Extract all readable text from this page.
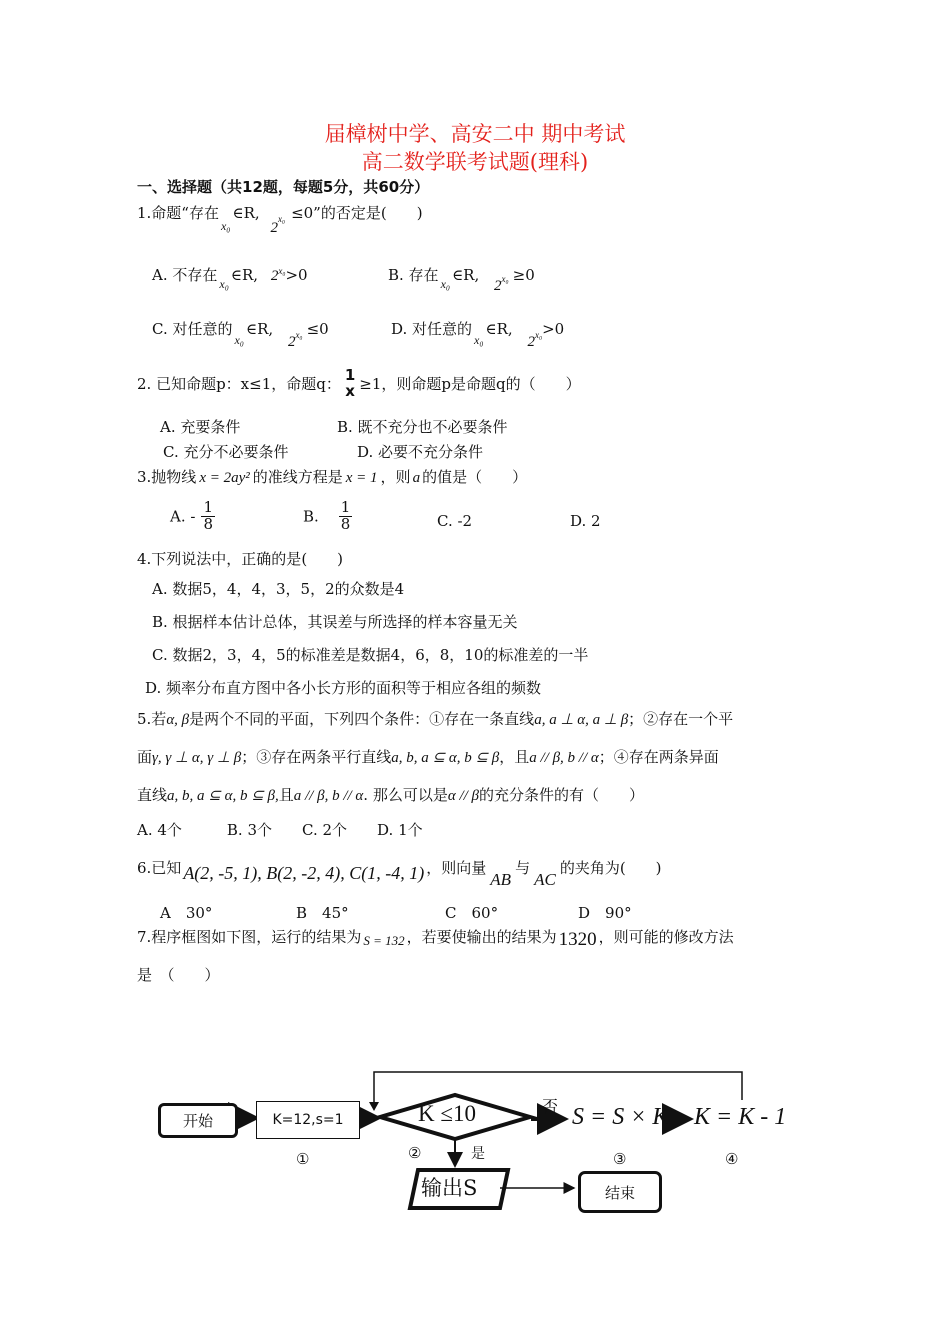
届樟树中学、高安二中 期中考试
高二数学联考试题(理科)
一、选择题（共12题，每题5分，共60分）
1.命题“存在$_{x_0}$∈R, $2_{x_0} \le 0$”的否定是(　　)
A. 不存在 $_{x_0}$ ∈R, $2^{x_0}>0$	B. 存在 $_{x_0}$ ∈R, 2x₀ ≥0
C. 对任意的$_{x_0}$∈R, $2_{x_0} \le 0$	D. 对任意的$_{x_0}$∈R, $2_{x_0}>0$
2. 已知命题p：x≤1，命题q： 1
x ≥1，则命题p是命题q的（　　）
A. 充要条件	B. 既不充分也不必要条件
C. 充分不必要条件	D. 必要不充分条件
3.抛物线 x = 2ay² 的准线方程是 x = 1 ，则 a 的值是（　　）
A. - $\frac{1}{8}$	B. $\frac{1}{8}$	C. -2	D. 2
4.下列说法中，正确的是(　　)
A. 数据5，4，4，3，5，2的众数是4
B. 根据样本估计总体，其误差与所选择的样本容量无关
C. 数据2，3，4，5的标准差是数据4，6，8，10的标准差的一半
D. 频率分布直方图中各小长方形的面积等于相应各组的频数
5.若α, β是两个不同的平面，下列四个条件：①存在一条直线a, a ⊥ α, a ⊥ β；②存在一个平
面γ, γ ⊥ α, γ ⊥ β；③存在两条平行直线a, b, a ⊆ α, b ⊆ β，且a // β, b // α；④存在两条异面
直线a, b, a ⊆ α, b ⊆ β,且a // β, b // α. 那么可以是α // β的充分条件的有（　　）
A. 4个　　　B. 3个　　C. 2个　　D. 1个
6.已知 A(2, -5, 1), B(2, -2, 4), C(1, -4, 1) ，则向量AB与AC的夹角为(　　)
A　30°	B　45°	C　60°	D　90°
7.程序框图如下图，运行的结果为 S = 132 ，若要使输出的结果为 1320 ，则可能的修改方法
是　（　　）
开始	K=12,s=1	K ≤10	否
是
S = S × K K = K - 1
输出S	结束
①	②	③	④
